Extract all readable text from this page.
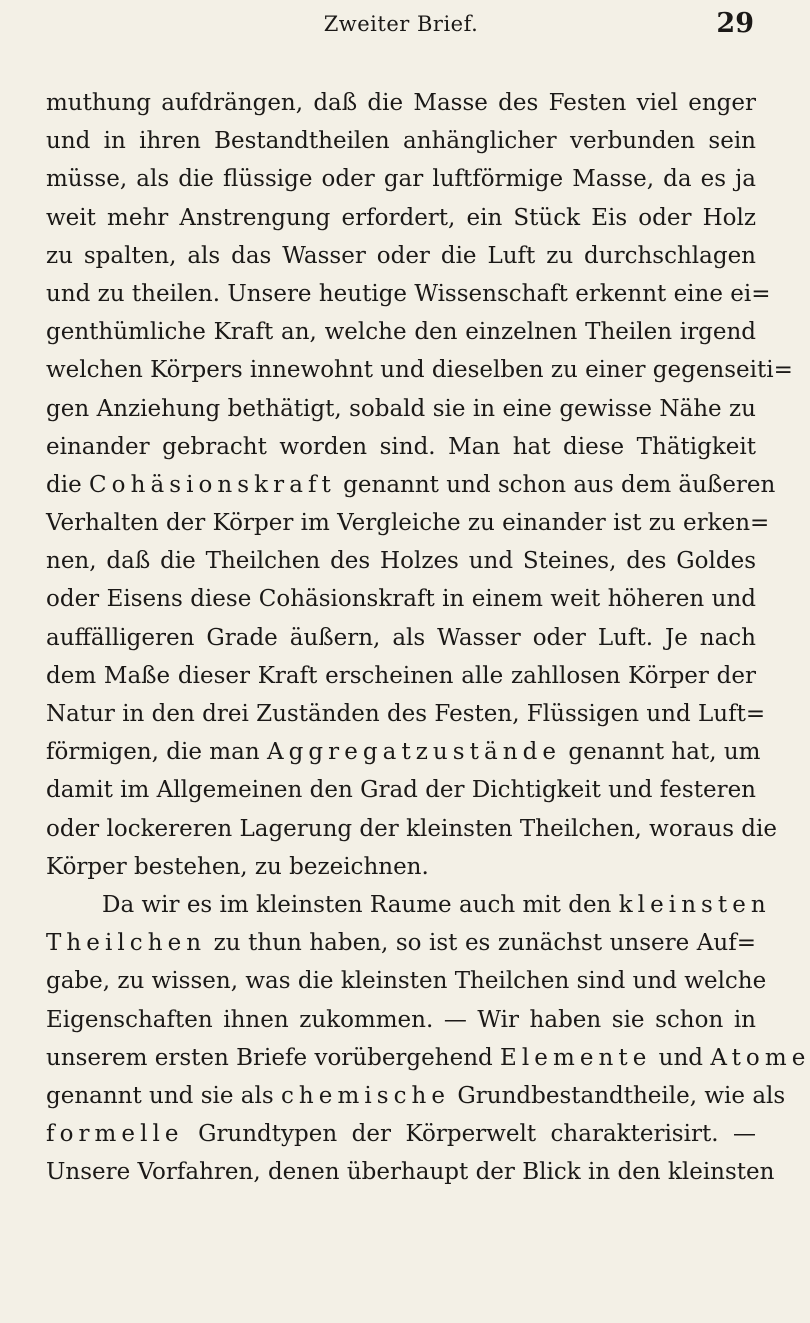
Zweiter Brief.	29
muthung aufdrängen, daß die Masse des Festen viel enger
und in ihren Bestandtheilen anhänglicher verbunden sein
müsse, als die flüssige oder gar luftförmige Masse, da es ja
weit mehr Anstrengung erfordert, ein Stück Eis oder Holz
zu spalten, als das Wasser oder die Luft zu durchschlagen
und zu theilen. Unsere heutige Wissenschaft erkennt eine ei=
genthümliche Kraft an, welche den einzelnen Theilen irgend
welchen Körpers innewohnt und dieselben zu einer gegenseiti=
gen Anziehung bethätigt, sobald sie in eine gewisse Nähe zu
einander gebracht worden sind. Man hat diese Thätigkeit
die Cohäsionskraft genannt und schon aus dem äußeren
Verhalten der Körper im Vergleiche zu einander ist zu erken=
nen, daß die Theilchen des Holzes und Steines, des Goldes
oder Eisens diese Cohäsionskraft in einem weit höheren und
auffälligeren Grade äußern, als Wasser oder Luft. Je nach
dem Maße dieser Kraft erscheinen alle zahllosen Körper der
Natur in den drei Zuständen des Festen, Flüssigen und Luft=
förmigen, die man Aggregatzustände genannt hat, um
damit im Allgemeinen den Grad der Dichtigkeit und festeren
oder lockereren Lagerung der kleinsten Theilchen, woraus die
Körper bestehen, zu bezeichnen.
Da wir es im kleinsten Raume auch mit den kleinsten
Theilchen zu thun haben, so ist es zunächst unsere Auf=
gabe, zu wissen, was die kleinsten Theilchen sind und welche
Eigenschaften ihnen zukommen. — Wir haben sie schon in
unserem ersten Briefe vorübergehend Elemente und Atome
genannt und sie als chemische Grundbestandtheile, wie als
formelle Grundtypen der Körperwelt charakterisirt. —
Unsere Vorfahren, denen überhaupt der Blick in den kleinsten
